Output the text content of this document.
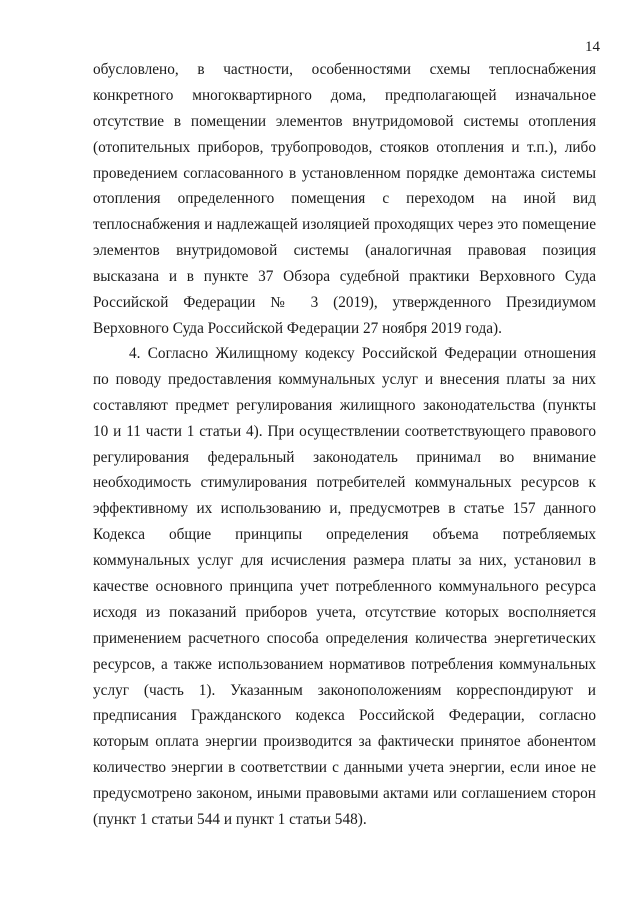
14
обусловлено, в частности, особенностями схемы теплоснабжения
конкретного многоквартирного дома, предполагающей изначальное
отсутствие в помещении элементов внутридомовой системы отопления
(отопительных приборов, трубопроводов, стояков отопления и т.п.), либо
проведением согласованного в установленном порядке демонтажа системы
отопления определенного помещения с переходом на иной вид
теплоснабжения и надлежащей изоляцией проходящих через это помещение
элементов внутридомовой системы (аналогичная правовая позиция
высказана и в пункте 37 Обзора судебной практики Верховного Суда
Российской Федерации № 3 (2019), утвержденного Президиумом
Верховного Суда Российской Федерации 27 ноября 2019 года).
4. Согласно Жилищному кодексу Российской Федерации отношения
по поводу предоставления коммунальных услуг и внесения платы за них
составляют предмет регулирования жилищного законодательства (пункты
10 и 11 части 1 статьи 4). При осуществлении соответствующего правового
регулирования федеральный законодатель принимал во внимание
необходимость стимулирования потребителей коммунальных ресурсов к
эффективному их использованию и, предусмотрев в статье 157 данного
Кодекса общие принципы определения объема потребляемых
коммунальных услуг для исчисления размера платы за них, установил в
качестве основного принципа учет потребленного коммунального ресурса
исходя из показаний приборов учета, отсутствие которых восполняется
применением расчетного способа определения количества энергетических
ресурсов, а также использованием нормативов потребления коммунальных
услуг (часть 1). Указанным законоположениям корреспондируют и
предписания Гражданского кодекса Российской Федерации, согласно
которым оплата энергии производится за фактически принятое абонентом
количество энергии в соответствии с данными учета энергии, если иное не
предусмотрено законом, иными правовыми актами или соглашением сторон
(пункт 1 статьи 544 и пункт 1 статьи 548).
